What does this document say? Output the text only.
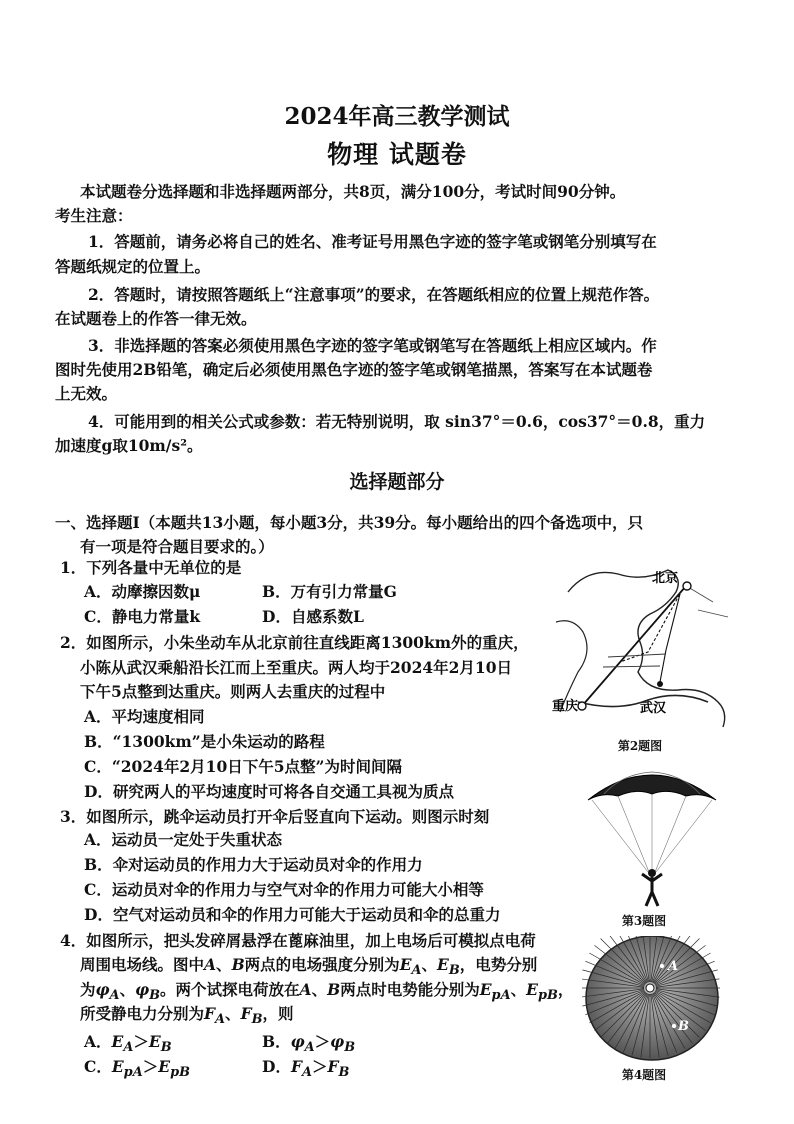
2024年高三教学测试
物理 试题卷
本试题卷分选择题和非选择题两部分，共8页，满分100分，考试时间90分钟。
考生注意：
1．答题前，请务必将自己的姓名、准考证号用黑色字迹的签字笔或钢笔分别填写在
答题纸规定的位置上。
2．答题时，请按照答题纸上“注意事项”的要求，在答题纸相应的位置上规范作答。
在试题卷上的作答一律无效。
3．非选择题的答案必须使用黑色字迹的签字笔或钢笔写在答题纸上相应区域内。作
图时先使用2B铅笔，确定后必须使用黑色字迹的签字笔或钢笔描黑，答案写在本试题卷
上无效。
4．可能用到的相关公式或参数：若无特别说明，取 sin37°＝0.6，cos37°＝0.8，重力
加速度g取10m/s²。
选择题部分
一、选择题Ⅰ（本题共13小题，每小题3分，共39分。每小题给出的四个备选项中，只
有一项是符合题目要求的。）
1．下列各量中无单位的是
A．动摩擦因数μ	B．万有引力常量G
C．静电力常量k	D．自感系数L
2．如图所示，小朱坐动车从北京前往直线距离1300km外的重庆，
小陈从武汉乘船沿长江而上至重庆。两人均于2024年2月10日
下午5点整到达重庆。则两人去重庆的过程中
A．平均速度相同
B．“1300km”是小朱运动的路程
C．“2024年2月10日下午5点整”为时间间隔
D．研究两人的平均速度时可将各自交通工具视为质点
北京
重庆	武汉
第2题图
3．如图所示，跳伞运动员打开伞后竖直向下运动。则图示时刻
A．运动员一定处于失重状态
B．伞对运动员的作用力大于运动员对伞的作用力
C．运动员对伞的作用力与空气对伞的作用力可能大小相等
D．空气对运动员和伞的作用力可能大于运动员和伞的总重力	第3题图
4．如图所示，把头发碎屑悬浮在蓖麻油里，加上电场后可模拟点电荷
周围电场线。图中A、B两点的电场强度分别为$E_A$、$E_B$，电势分别
为$\varphi_A$、$\varphi_B$。两个试探电荷放在A、B两点时电势能分别为$E_{pA}$、$E_{pB}$，
所受静电力分别为$F_A$、$F_B$，则
A．$E_A>E_B$	B．$\varphi_A>\varphi_B$
C．$E_{pA}>E_{pB}$	D．$F_A>F_B$
A
B
第4题图
